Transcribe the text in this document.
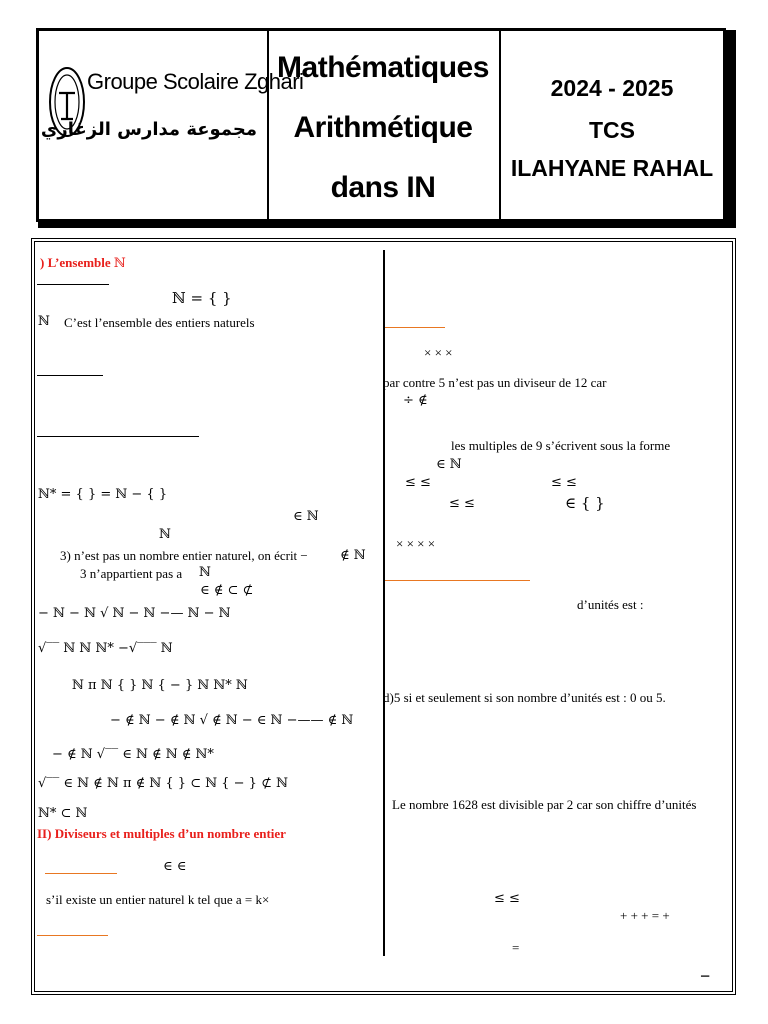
Groupe Scolaire Zghari
مجموعة مدارس الزغاري
Mathématiques
Arithmétique
dans IN
2024 - 2025
TCS
ILAHYANE RAHAL
) L’ensemble ℕ
ℕ = { }
ℕ C’est l’ensemble des entiers naturels
ℕ* = { } = ℕ − { }
∈ ℕ
ℕ
3) n’est pas un nombre entier naturel, on écrit − ∉ ℕ
3 n’appartient pas a ℕ
∈ ∉ ⊂ ⊄
− ℕ − ℕ √ ℕ − ℕ −— ℕ − ℕ
√‾‾ ℕ ℕ ℕ* −√‾‾‾ ℕ
ℕ π ℕ { } ℕ { − } ℕ ℕ* ℕ
− ∉ ℕ − ∉ ℕ √ ∉ ℕ − ∈ ℕ −—— ∉ ℕ
− ∉ ℕ √‾‾ ∈ ℕ ∉ ℕ ∉ ℕ*
√‾‾ ∈ ℕ ∉ ℕ π ∉ ℕ { } ⊂ ℕ { − } ⊄ ℕ
ℕ* ⊂ ℕ
II) Diviseurs et multiples d’un nombre entier
∈ ∈
s’il existe un entier naturel k tel que a = k×
× × ×
par contre 5 n’est pas un diviseur de 12 car
÷ ∉
les multiples de 9 s’écrivent sous la forme
∈ ℕ
≤ ≤	≤ ≤
≤ ≤	∈ { }
× × × ×
d’unités est :
d)5 si et seulement si son nombre d’unités est : 0 ou 5.
Le nombre 1628 est divisible par 2 car son chiffre d’unités
≤ ≤
+ + + = +
=
−
